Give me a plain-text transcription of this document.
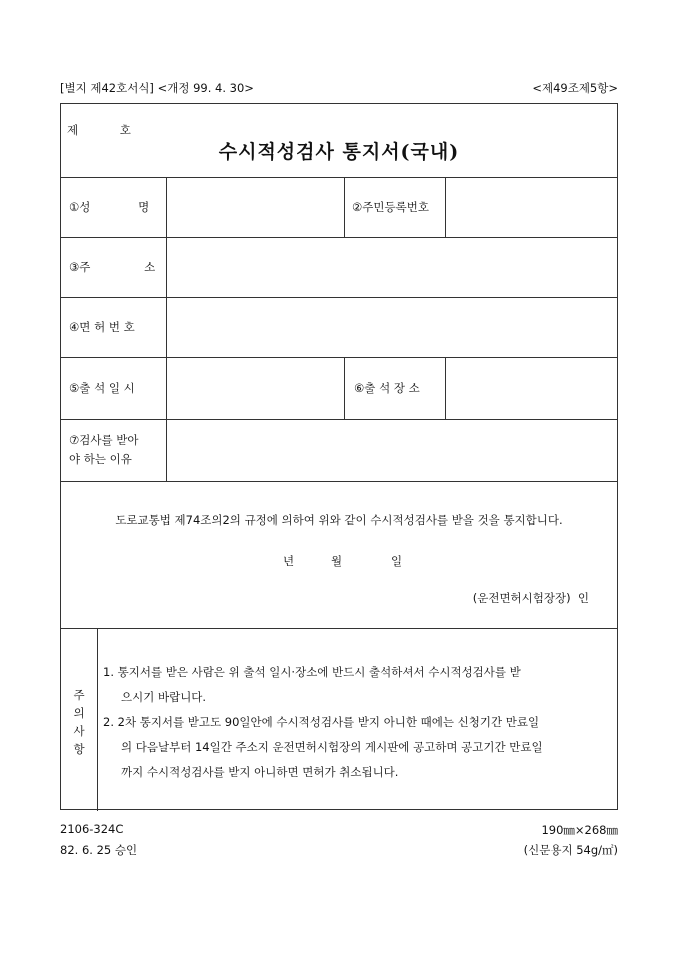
[별지 제42호서식] <개정 99. 4. 30>	<제49조제5항>
제 호
수시적성검사 통지서(국내)
①성 명	②주민등록번호
③주 소
④면 허 번 호
⑤출 석 일 시	⑥출 석 장 소
⑦검사를 받아
야 하는 이유
도로교통법 제74조의2의 규정에 의하여 위와 같이 수시적성검사를 받을 것을 통지합니다.
년	월	일
(운전면허시험장장)  인
주
의
사
항
1. 통지서를 받은 사람은 위 출석 일시·장소에 반드시 출석하셔서 수시적성검사를 받
으시기 바랍니다.
2. 2차 통지서를 받고도 90일안에 수시적성검사를 받지 아니한 때에는 신청기간 만료일
의 다음날부터 14일간 주소지 운전면허시험장의 게시판에 공고하며 공고기간 만료일
까지 수시적성검사를 받지 아니하면 면허가 취소됩니다.
2106-324C
82. 6. 25 승인
190㎜×268㎜
(신문용지 54g/㎡)
